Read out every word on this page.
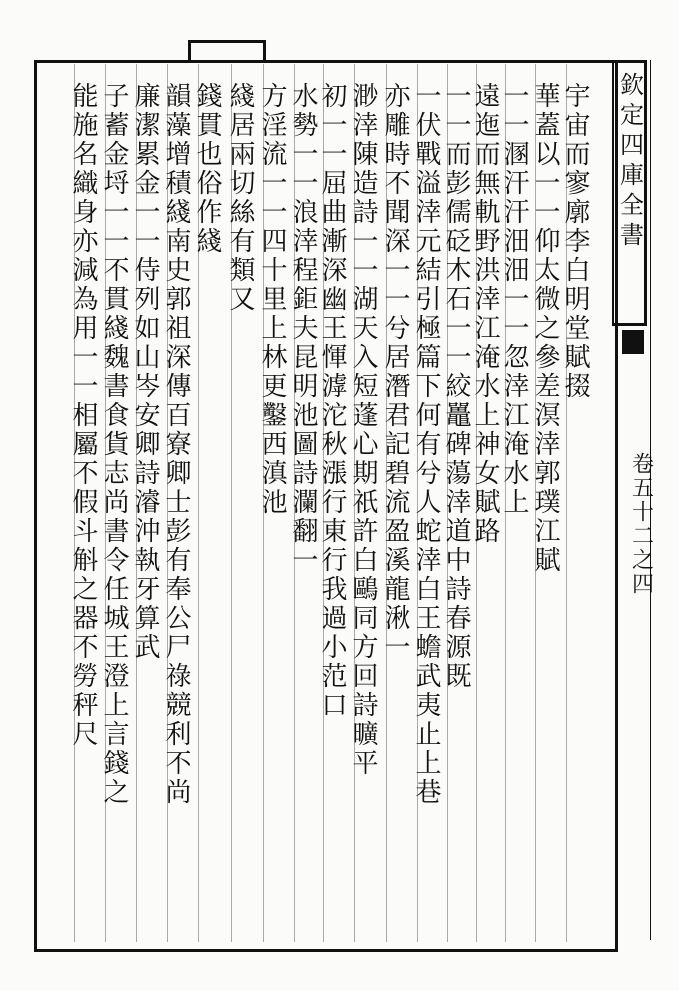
欽定四庫全書
卷五十二之四
宇宙而寥廓李白明堂賦掇
華蓋以一一仰太微之參差溟涬郭璞江賦
一一溷汗汗沺沺一一忽涬江淹水上
遠迤而無軌野洪涬江淹水上神女賦路
一一而彭儒砭木石一一絞鼉碑蕩涬道中詩春源既
一伏戰溢涬元結引極篇下何有兮人蛇涬白王蟾武夷止上巷
亦雕時不聞深一一兮居潛君記碧流盈溪龍湫一
渺涬陳造詩一一湖天入短蓬心期祇許白鷗同方回詩曠平
初一一屈曲漸深幽王惲滹沱秋漲行東行我過小范口
水勢一一浪涬程鉅夫昆明池圖詩瀾翻一
方淫流一一四十里上林更鑿西滇池
綫居兩切絲有類又
錢貫也俗作綫
韻藻增積綫南史郭祖深傳百寮卿士彭有奉公尸祿競利不尚
廉潔累金一一侍列如山岑安卿詩濬沖執牙算武
子蓄金埒一一不貫綫魏書食貨志尚書令任城王澄上言錢之
能施名織身亦減為用一一相屬不假斗斛之器不勞秤尺
